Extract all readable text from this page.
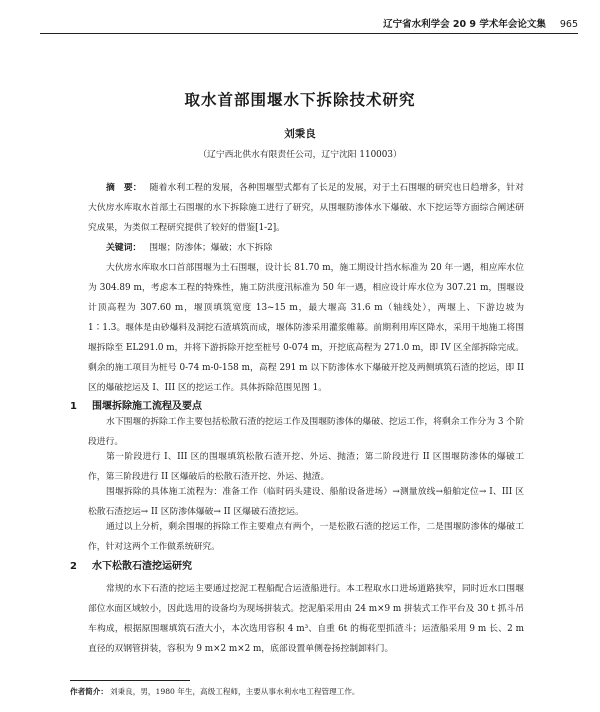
辽宁省水利学会 20 9 学术年会论文集 965
取水首部围堰水下拆除技术研究
刘秉良
（辽宁西北供水有限责任公司，辽宁沈阳 110003）

摘　要： 随着水利工程的发展，各种围堰型式都有了长足的发展，对于土石围堰的研究也日趋增多，针对大伙房水库取水首部土石围堰的水下拆除施工进行了研究，从围堰防渗体水下爆破、水下挖运等方面综合阐述研究成果，为类似工程研究提供了较好的借鉴[1-2]。

关键词： 围堰；防渗体；爆破；水下拆除

大伙房水库取水口首部围堰为土石围堰，设计长 81.70 m，施工期设计挡水标准为 20 年一遇，相应库水位为 304.89 m，考虑本工程的特殊性，施工防洪度汛标准为 50 年一遇，相应设计库水位为 307.21 m，围堰设计顶高程为 307.60 m，堰顶填筑宽度 13~15 m，最大堰高 31.6 m（轴线处），两堰上、下游边坡为 1∶1.3。堰体是由砂爆料及洞挖石渣填筑而成，堰体防渗采用灌浆帷幕。前期利用库区降水，采用干地施工将围堰拆除至 EL291.0 m，并将下游拆除开挖至桩号 0-074 m，开挖底高程为 271.0 m，即 IV 区全部拆除完成。剩余的施工项目为桩号 0-74 m-0-158 m，高程 291 m 以下防渗体水下爆破开挖及两侧填筑石渣的挖运，即 II 区的爆破挖运及 I、III 区的挖运工作。具体拆除范围见图 1。

1 围堰拆除施工流程及要点

水下围堰的拆除工作主要包括松散石渣的挖运工作及围堰防渗体的爆破、挖运工作，将剩余工作分为 3 个阶段进行。

第一阶段进行 I、III 区的围堰填筑松散石渣开挖、外运、抛渣；第二阶段进行 II 区围堰防渗体的爆破工作，第三阶段进行 II 区爆破后的松散石渣开挖、外运、抛渣。

围堰拆除的具体施工流程为：准备工作（临时码头建设、船舶设备进场）→测量放线→船舶定位→ I、III 区松散石渣挖运→ II 区防渗体爆破→ II 区爆破石渣挖运。

通过以上分析，剩余围堰的拆除工作主要难点有两个，一是松散石渣的挖运工作，二是围堰防渗体的爆破工作，针对这两个工作做系统研究。

2 水下松散石渣挖运研究

常规的水下石渣的挖运主要通过挖泥工程船配合运渣船进行。本工程取水口进场道路狭窄，同时近水口围堰部位水面区域较小，因此选用的设备均为现场拼装式。挖泥船采用由 24 m×9 m 拼装式工作平台及 30 t 抓斗吊车构成，根据原围堰填筑石渣大小，本次选用容积 4 m³、自重 6t 的梅花型抓渣斗；运渣船采用 9 m 长、2 m 直径的双钢管拼装，容积为 9 m×2 m×2 m，底部设置单侧卷扬控制卸料门。

作者简介： 刘秉良，男，1980 年生，高级工程师，主要从事水利水电工程管理工作。
